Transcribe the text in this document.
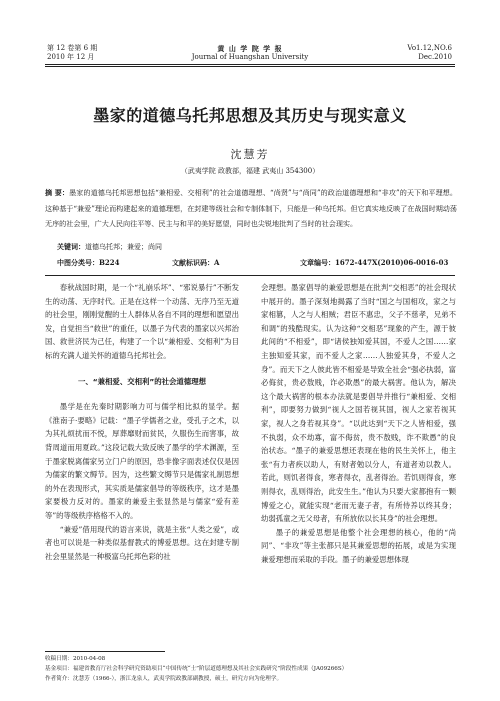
第 12 卷第 6 期
2010 年 12 月
黄 山 学 院 学 报
Journal of Huangshan University
Vo1.12,NO.6
Dec.2010
墨家的道德乌托邦思想及其历史与现实意义
沈慧芳
（武夷学院 政教部，福建 武夷山 354300）
摘 要：墨家的道德乌托邦思想包括“兼相爱、交相利”的社会道德理想、“尚贤”与“尚同”的政治道德理想和“非攻”的天下和平理想。这种基于“兼爱”理论而构建起来的道德理想，在封建等级社会和专制体制下，只能是一种乌托邦。但它真实地反映了在战国时期动荡无序的社会里，广大人民向往平等、民主与和平的美好愿望，同时也尖锐地批判了当时的社会现实。
关键词：道德乌托邦；兼爱；尚同
中图分类号：B224	文献标识码：A	文章编号：1672-447X(2010)06-0016-03

春秋战国时期，是一个“礼崩乐坏”、“邪说暴行”不断发生的动荡、无序时代。正是在这样一个动荡、无序乃至无道的社会里，刚刚觉醒的士人群体从各自不同的理想和愿望出发，自觉担当“救世”的重任，以墨子为代表的墨家以兴邦治国、救世济民为己任，构建了一个以“兼相爱、交相利”为目标的充满人道关怀的道德乌托邦社会。

一、“兼相爱、交相利”的社会道德理想

墨学是在先秦时期影响力可与儒学相比拟的显学。据《淮南子·要略》记载：“墨子学儒者之业，受孔子之术，以为其礼烦扰而不悦，厚葬靡财而贫民，久服伤生而害事，故背周道而用夏政。”这段记载大致反映了墨学的学术渊源，至于墨家脱离儒家另立门户的原因，恐非像字面表述仅仅是因为儒家的繁文缛节。因为，这些繁文缛节只是儒家礼制思想的外在表现形式，其实质是儒家倡导的等级秩序，这才是墨家要极力反对的。墨家的兼爱主张显然是与儒家“爱有差等”的等级秩序格格不入的。

“兼爱”借用现代的语言来说，就是主张“人类之爱”，或者也可以说是一种类似基督教式的博爱思想。这在封建专制社会里显然是一种极富乌托邦色彩的社

会理想。墨家倡导的兼爱思想是在批判“交相恶”的社会现状中展开的。墨子深刻地揭露了当时“国之与国相攻，家之与家相篡，人之与人相贼；君臣不惠忠，父子不慈孝，兄弟不和调”的残酷现实。认为这种“交相恶”现象的产生，源于彼此间的“不相爱”，即“诸侯独知爱其国，不爱人之国……家主独知爱其家，而不爱人之家……人独爱其身，不爱人之身”。而天下之人彼此皆不相爱是导致全社会“强必执弱，富必侮贫，贵必敖贱，诈必欺愚”的最大祸害。他认为，解决这个最大祸害的根本办法就是要倡导并推行“兼相爱、交相利”，即要努力做到“视人之国若视其国，视人之家若视其家，视人之身若视其身”。“以此达到“天下之人皆相爱，强不执弱，众不劫寡，富不侮贫，贵不敖贱，诈不欺愚”的良治状态。“墨子的兼爱思想还表现在他的民生关怀上，他主张“有力者疾以助人，有财者勉以分人，有道者劝以教人。若此，则饥者得食，寒者得衣，乱者得治。若饥则得食，寒则得衣，乱则得治，此安生生。”他认为只要大家都抱有一颗博爱之心，就能实现“老而无妻子者，有所侍养以终其身；幼弱孤童之无父母者，有所放依以长其身”的社会理想。

墨子的兼爱思想是他整个社会理想的核心，他的“尚同”、“非攻”等主张都只是其兼爱思想的拓展，或是为实现兼爱理想而采取的手段。墨子的兼爱思想体现

收稿日期：2010-04-08
基金项目：福建省教育厅社会科学研究资助项目“中国传统“士”阶层道德理想及其社会实践研究”阶段性成果（JA09266S）
作者简介：沈慧芳（1966-），浙江龙泉人，武夷学院政教部副教授，硕士，研究方向为伦理学。
